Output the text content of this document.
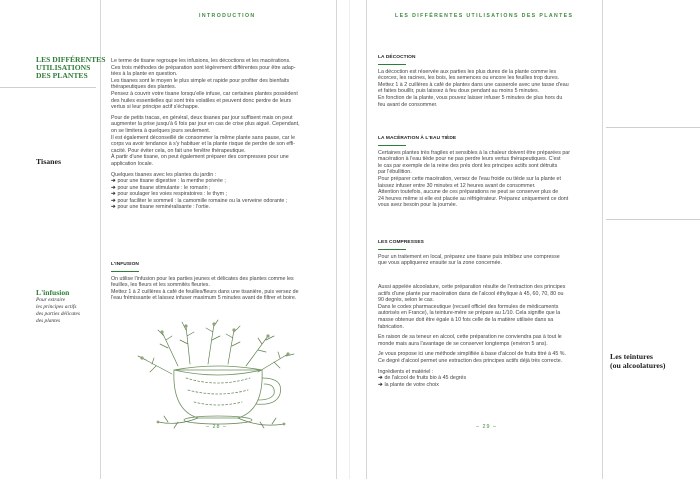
INTRODUCTION
LES DIFFÉRENTES
UTILISATIONS
DES PLANTES
Tisanes
L'infusion
Pour extraire
les principes actifs
des parties délicates
des plantes

Le terme de tisane regroupe les infusions, les décoctions et les macérations.

Ces trois méthodes de préparation sont légèrement différentes pour être adap-

tées à la plante en question.

Les tisanes sont le moyen le plus simple et rapide pour profiter des bienfaits

thérapeutiques des plantes.

Pensez à couvrir votre tisane lorsqu'elle infuse, car certaines plantes possèdent

des huiles essentielles qui sont très volatiles et peuvent donc perdre de leurs

vertus si leur principe actif s'échappe.

Pour de petits tracas, en général, deux tisanes par jour suffisent mais on peut

augmenter la prise jusqu'à 6 fois par jour en cas de crise plus aiguë. Cependant,

on se limitera à quelques jours seulement.

Il est également déconseillé de consommer la même plante sans pause, car le

corps va avoir tendance à s'y habituer et la plante risque de perdre de son effi-

cacité. Pour éviter cela, on fait une fenêtre thérapeutique.

À partir d'une tisane, on peut également préparer des compresses pour une

application locale.

Quelques tisanes avec les plantes du jardin :

➔ pour une tisane digestive : la menthe poivrée ;

➔ pour une tisane stimulante : le romarin ;

➔ pour soulager les voies respiratoires : le thym ;

➔ pour faciliter le sommeil : la camomille romaine ou la verveine odorante ;

➔ pour une tisane reminéralisante : l'ortie.

L'INFUSION

On utilise l'infusion pour les parties jeunes et délicates des plantes comme les

feuilles, les fleurs et les sommités fleuries.

Mettez 1 à 2 cuillères à café de feuilles/fleurs dans une tisanière, puis versez de

l'eau frémissante et laissez infuser maximum 5 minutes avant de filtrer et boire.

– 28 –
LES DIFFÉRENTES UTILISATIONS DES PLANTES
LA DÉCOCTION

La décoction est réservée aux parties les plus dures de la plante comme les

écorces, les racines, les bois, les semences ou encore les feuilles trop dures.

Mettez 1 à 2 cuillères à café de plantes dans une casserole avec une tasse d'eau

et faites bouillir, puis laissez à feu doux pendant au moins 5 minutes.

En fonction de la plante, vous pouvez laisser infuser 5 minutes de plus hors du

feu avant de consommer.

LA MACÉRATION À L'EAU TIÈDE

Certaines plantes très fragiles et sensibles à la chaleur doivent être préparées par

macération à l'eau tiède pour ne pas perdre leurs vertus thérapeutiques. C'est

le cas par exemple de la reine des prés dont les principes actifs sont détruits

par l'ébullition.

Pour préparer cette macération, versez de l'eau froide ou tiède sur la plante et

laissez infuser entre 30 minutes et 12 heures avant de consommer.

Attention toutefois, aucune de ces préparations ne peut se conserver plus de

24 heures même si elle est placée au réfrigérateur. Préparez uniquement ce dont

vous avez besoin pour la journée.

LES COMPRESSES

Pour un traitement en local, préparez une tisane puis imbibez une compresse

que vous appliquerez ensuite sur la zone concernée.

Aussi appelée alcoolature, cette préparation résulte de l'extraction des principes

actifs d'une plante par macération dans de l'alcool éthylique à 45, 60, 70, 80 ou

90 degrés, selon le cas.

Dans le codex pharmaceutique (recueil officiel des formules de médicaments

autorisés en France), la teinture-mère se prépare au 1/10. Cela signifie que la

masse obtenue doit être égale à 10 fois celle de la matière utilisée dans sa

fabrication.

En raison de sa teneur en alcool, cette préparation ne conviendra pas à tout le

monde mais aura l'avantage de se conserver longtemps (environ 5 ans).

Je vous propose ici une méthode simplifiée à base d'alcool de fruits titré à 45 %.

Ce degré d'alcool permet une extraction des principes actifs déjà très correcte.

Ingrédients et matériel :

➔ de l'alcool de fruits bio à 45 degrés

➔ la plante de votre choix

Les teintures
(ou alcoolatures)
– 29 –
